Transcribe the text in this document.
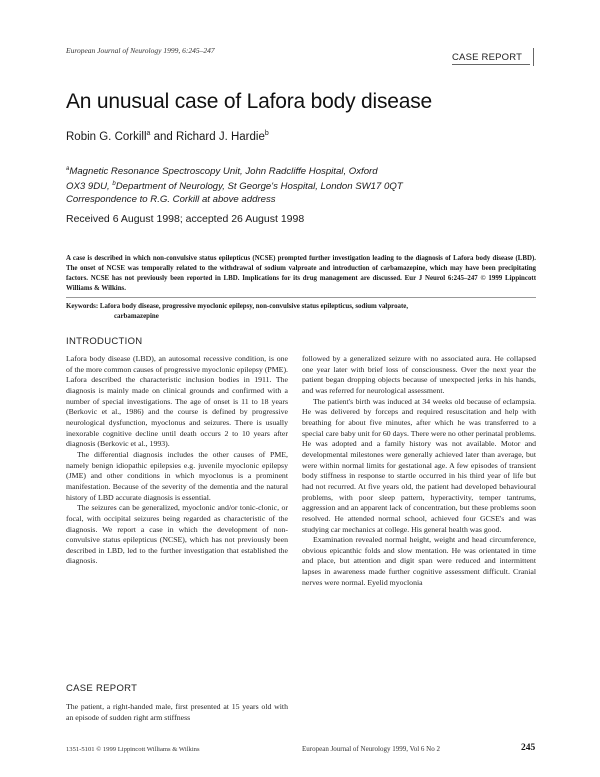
European Journal of Neurology 1999, 6:245–247
CASE REPORT
An unusual case of Lafora body disease
Robin G. Corkill$^a$ and Richard J. Hardie$^b$
$^a$Magnetic Resonance Spectroscopy Unit, John Radcliffe Hospital, Oxford
OX3 9DU, $^b$Department of Neurology, St George's Hospital, London SW17 0QT
Correspondence to R.G. Corkill at above address
Received 6 August 1998; accepted 26 August 1998
A case is described in which non-convulsive status epilepticus (NCSE) prompted further investigation leading to the diagnosis of Lafora body disease (LBD). The onset of NCSE was temporally related to the withdrawal of sodium valproate and introduction of carbamazepine, which may have been precipitating factors. NCSE has not previously been reported in LBD. Implications for its drug management are discussed. Eur J Neurol 6:245–247 © 1999 Lippincott Williams & Wilkins.
Keywords: Lafora body disease, progressive myoclonic epilepsy, non-convulsive status epilepticus, sodium valproate,
carbamazepine
INTRODUCTION

Lafora body disease (LBD), an autosomal recessive condition, is one of the more common causes of progressive myoclonic epilepsy (PME). Lafora described the characteristic inclusion bodies in 1911. The diagnosis is mainly made on clinical grounds and confirmed with a number of special investigations. The age of onset is 11 to 18 years (Berkovic et al., 1986) and the course is defined by progressive neurological dysfunction, myoclonus and seizures. There is usually inexorable cognitive decline until death occurs 2 to 10 years after diagnosis (Berkovic et al., 1993).

The differential diagnosis includes the other causes of PME, namely benign idiopathic epilepsies e.g. juvenile myoclonic epilepsy (JME) and other conditions in which myoclonus is a prominent manifestation. Because of the severity of the dementia and the natural history of LBD accurate diagnosis is essential.

The seizures can be generalized, myoclonic and/or tonic-clonic, or focal, with occipital seizures being regarded as characteristic of the diagnosis. We report a case in which the development of non-convulsive status epilepticus (NCSE), which has not previously been described in LBD, led to the further investigation that established the diagnosis.

CASE REPORT

The patient, a right-handed male, first presented at 15 years old with an episode of sudden right arm stiffness

followed by a generalized seizure with no associated aura. He collapsed one year later with brief loss of consciousness. Over the next year the patient began dropping objects because of unexpected jerks in his hands, and was referred for neurological assessment.

The patient's birth was induced at 34 weeks old because of eclampsia. He was delivered by forceps and required resuscitation and help with breathing for about five minutes, after which he was transferred to a special care baby unit for 60 days. There were no other perinatal problems. He was adopted and a family history was not available. Motor and developmental milestones were generally achieved later than average, but were within normal limits for gestational age. A few episodes of transient body stiffness in response to startle occurred in his third year of life but had not recurred. At five years old, the patient had developed behavioural problems, with poor sleep pattern, hyperactivity, temper tantrums, aggression and an apparent lack of concentration, but these problems soon resolved. He attended normal school, achieved four GCSE's and was studying car mechanics at college. His general health was good.

Examination revealed normal height, weight and head circumference, obvious epicanthic folds and slow mentation. He was orientated in time and place, but attention and digit span were reduced and intermittent lapses in awareness made further cognitive assessment difficult. Cranial nerves were normal. Eyelid myoclonia

1351-5101 © 1999 Lippincott Williams & Wilkins	European Journal of Neurology 1999, Vol 6 No 2	245
